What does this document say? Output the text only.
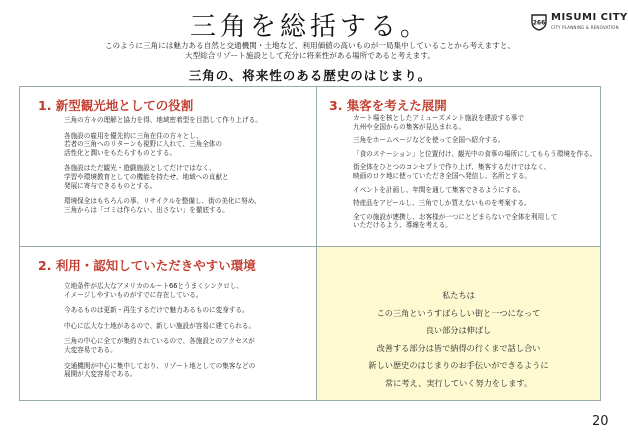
三角を総括する。	266 MISUMI CITY
CITY PLANNING & RENOVATION
このように三角には魅力ある自然と交通機関・土地など、利用価値の高いものが一局集中していることから考えますと、
大型総合リゾート施設として充分に将来性がある場所であると考えます。
三角の、将来性のある歴史のはじまり。
1. 新型観光地としての役割
三角の方々の理解と協力を得、地域密着型を目指して作り上げる。
各施設の雇用を優先的に三角在住の方々とし、
若者の三角へのリターンも視野に入れて、三角全体の
活性化と潤いをもたらすものとする。
各施設はただ観光・遊戯施設としてだけではなく、
学習や環境教育としての機能を持たせ、地域への貢献と
発展に寄与できるものとする。
環境保全はもちろんの事、リサイクルを整備し、街の美化に努め、
三角からは「ゴミは作らない、出さない」を徹底する。
3. 集客を考えた展開
カート場を核としたアミューズメント施設を建設する事で
九州や全国からの集客が見込まれる。
三角をホームページなどを使って全国へ紹介する。
「食のステーション」と位置付け、観光中の食事の場所にしてもらう環境を作る。
街全体をひとつのコンセプトで作り上げ、集客するだけではなく、
映画のロケ地に使っていただき全国へ発信し、名所とする。
イベントを計画し、年間を通して集客できるようにする。
特産品をアピールし、三角でしか買えないものを考案する。
全ての施設が連携し、お客様が一つにとどまらないで全体を利用して
いただけるよう、導線を考える。
2. 利用・認知していただきやすい環境
立地条件が広大なアメリカのルート66とうまくシンクロし、
イメージしやすいものがすでに存在している。
今あるものは更新・再生するだけで魅力あるものに変身する。
中心に広大な土地があるので、新しい施設が容易に建てられる。
三角の中心に全てが集約されているので、各施設とのアクセスが
大変容易である。
交通機関が中心に集中しており、リゾート地としての集客などの
展開が大変容易である。
私たちは
この三角というすばらしい街と一つになって
良い部分は伸ばし
改善する部分は皆で納得の行くまで話し合い
新しい歴史のはじまりのお手伝いができるように
常に考え、実行していく努力をします。
20
